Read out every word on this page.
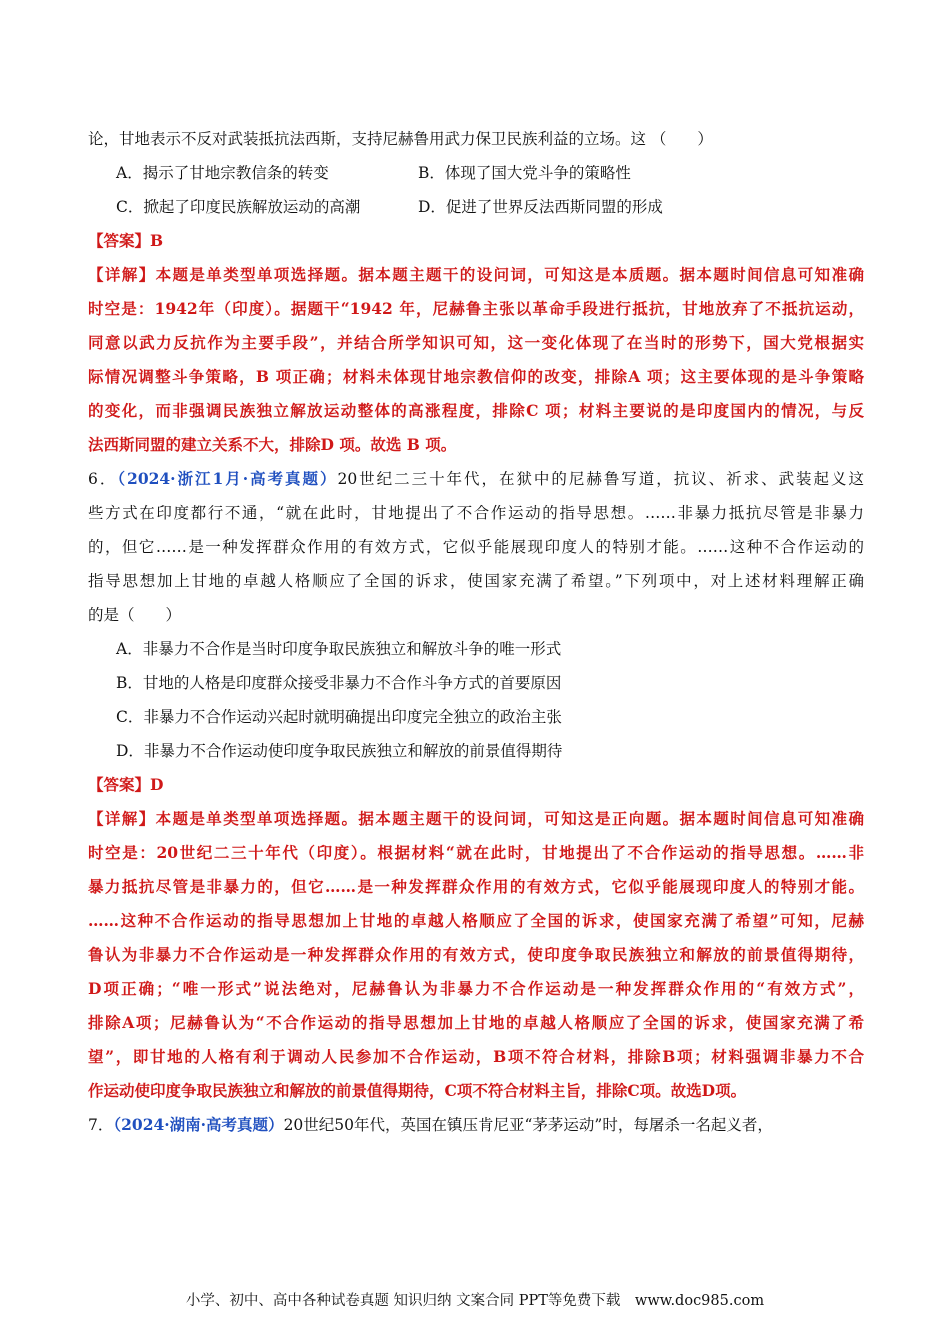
论，甘地表示不反对武装抵抗法西斯，支持尼赫鲁用武力保卫民族利益的立场。这 （　　）
A．揭示了甘地宗教信条的转变	B．体现了国大党斗争的策略性
C．掀起了印度民族解放运动的高潮	D．促进了世界反法西斯同盟的形成
【答案】B
【详解】本题是单类型单项选择题。据本题主题干的设问词，可知这是本质题。据本题时间信息可知准确
时空是：1942年（印度）。据题干“1942 年，尼赫鲁主张以革命手段进行抵抗，甘地放弃了不抵抗运动，
同意以武力反抗作为主要手段”，并结合所学知识可知，这一变化体现了在当时的形势下，国大党根据实
际情况调整斗争策略，B 项正确；材料未体现甘地宗教信仰的改变，排除A 项；这主要体现的是斗争策略
的变化，而非强调民族独立解放运动整体的高涨程度，排除C 项；材料主要说的是印度国内的情况，与反
法西斯同盟的建立关系不大，排除D 项。故选 B 项。
6．（2024·浙江1月·高考真题）20世纪二三十年代，在狱中的尼赫鲁写道，抗议、祈求、武装起义这
些方式在印度都行不通，“就在此时，甘地提出了不合作运动的指导思想。……非暴力抵抗尽管是非暴力
的，但它……是一种发挥群众作用的有效方式，它似乎能展现印度人的特别才能。……这种不合作运动的
指导思想加上甘地的卓越人格顺应了全国的诉求，使国家充满了希望。”下列项中，对上述材料理解正确
的是（　　）
A．非暴力不合作是当时印度争取民族独立和解放斗争的唯一形式
B．甘地的人格是印度群众接受非暴力不合作斗争方式的首要原因
C．非暴力不合作运动兴起时就明确提出印度完全独立的政治主张
D．非暴力不合作运动使印度争取民族独立和解放的前景值得期待
【答案】D
【详解】本题是单类型单项选择题。据本题主题干的设问词，可知这是正向题。据本题时间信息可知准确
时空是：20世纪二三十年代（印度）。根据材料“就在此时，甘地提出了不合作运动的指导思想。……非
暴力抵抗尽管是非暴力的，但它……是一种发挥群众作用的有效方式，它似乎能展现印度人的特别才能。
……这种不合作运动的指导思想加上甘地的卓越人格顺应了全国的诉求，使国家充满了希望”可知，尼赫
鲁认为非暴力不合作运动是一种发挥群众作用的有效方式，使印度争取民族独立和解放的前景值得期待，
D项正确；“唯一形式”说法绝对，尼赫鲁认为非暴力不合作运动是一种发挥群众作用的“有效方式”，
排除A项；尼赫鲁认为“不合作运动的指导思想加上甘地的卓越人格顺应了全国的诉求，使国家充满了希
望”，即甘地的人格有利于调动人民参加不合作运动，B项不符合材料，排除B项；材料强调非暴力不合
作运动使印度争取民族独立和解放的前景值得期待，C项不符合材料主旨，排除C项。故选D项。
7．（2024·湖南·高考真题）20世纪50年代，英国在镇压肯尼亚“茅茅运动”时，每屠杀一名起义者，
小学、初中、高中各种试卷真题 知识归纳 文案合同 PPT等免费下载　www.doc985.com
